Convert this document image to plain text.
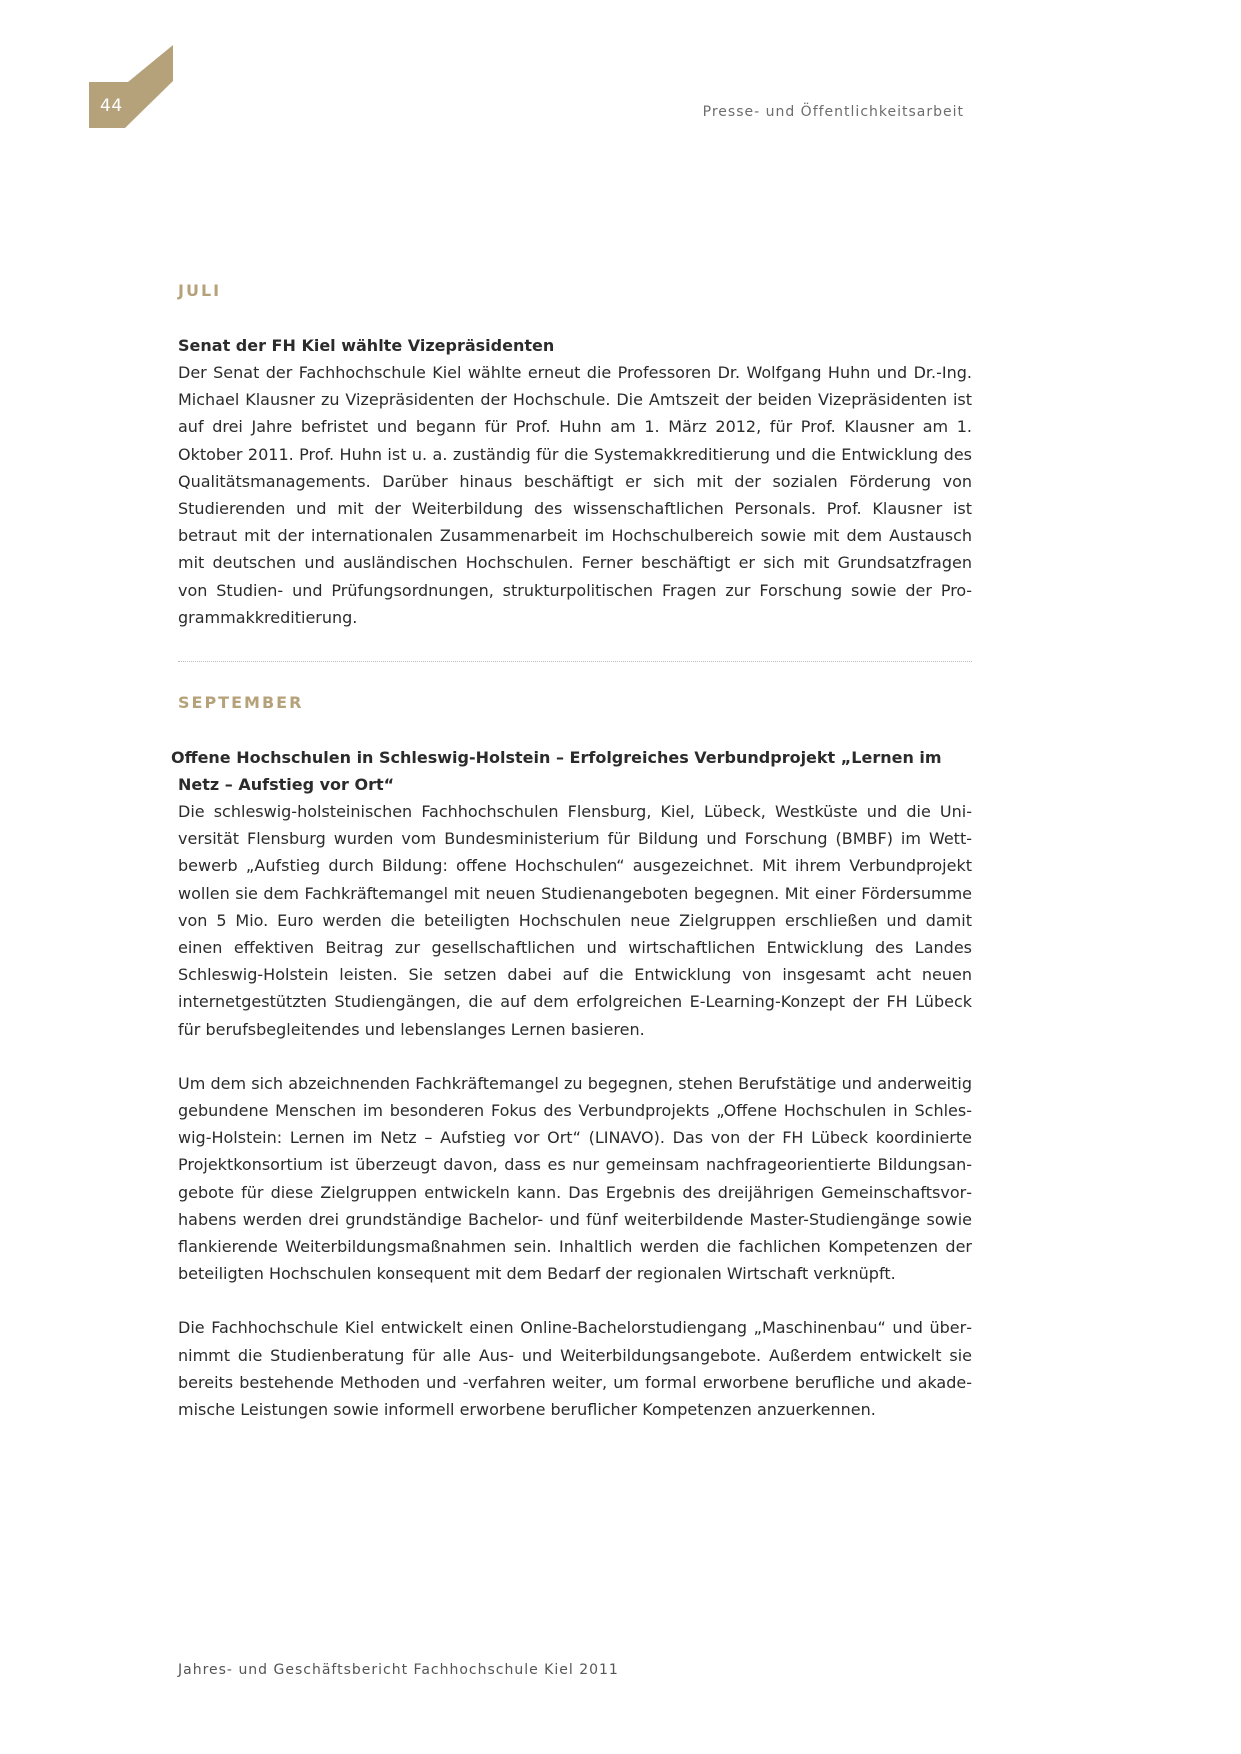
44	Presse- und Öffentlichkeitsarbeit
JULI
Senat der FH Kiel wählte Vizepräsidenten

Der Senat der Fachhochschule Kiel wählte erneut die Professoren Dr. Wolfgang Huhn und Dr.-Ing. Michael Klausner zu Vizepräsidenten der Hochschule. Die Amtszeit der beiden Vizepräsidenten ist auf drei Jahre befristet und begann für Prof. Huhn am 1. März 2012, für Prof. Klausner am 1. Oktober 2011. Prof. Huhn ist u. a. zuständig für die Systemakkreditierung und die Entwicklung des Qualitätsmanagements. Darüber hinaus beschäftigt er sich mit der sozialen Förderung von Studierenden und mit der Weiterbildung des wissenschaftlichen Personals. Prof. Klausner ist betraut mit der internationalen Zusammenarbeit im Hochschulbereich sowie mit dem Austausch mit deutschen und ausländischen Hochschulen. Ferner beschäftigt er sich mit Grundsatzfragen von Studien- und Prüfungsordnungen, strukturpolitischen Fragen zur Forschung sowie der Programmakkreditierung.

SEPTEMBER
Offene Hochschulen in Schleswig-Holstein – Erfolgreiches Verbundprojekt „Lernen im Netz – Aufstieg vor Ort“

Die schleswig-holsteinischen Fachhochschulen Flensburg, Kiel, Lübeck, Westküste und die Universität Flensburg wurden vom Bundesministerium für Bildung und Forschung (BMBF) im Wettbewerb „Aufstieg durch Bildung: offene Hochschulen“ ausgezeichnet. Mit ihrem Verbundprojekt wollen sie dem Fachkräftemangel mit neuen Studienangeboten begegnen. Mit einer Fördersumme von 5 Mio. Euro werden die beteiligten Hochschulen neue Zielgruppen erschließen und damit einen effektiven Beitrag zur gesellschaftlichen und wirtschaftlichen Entwicklung des Landes Schleswig-Holstein leisten. Sie setzen dabei auf die Entwicklung von insgesamt acht neuen internetgestützten Studiengängen, die auf dem erfolgreichen E-Learning-Konzept der FH Lübeck für berufsbegleitendes und lebenslanges Lernen basieren.

Um dem sich abzeichnenden Fachkräftemangel zu begegnen, stehen Berufstätige und anderweitig gebundene Menschen im besonderen Fokus des Verbundprojekts „Offene Hochschulen in Schleswig-Holstein: Lernen im Netz – Aufstieg vor Ort“ (LINAVO). Das von der FH Lübeck koordinierte Projektkonsortium ist überzeugt davon, dass es nur gemeinsam nachfrageorientierte Bildungsangebote für diese Zielgruppen entwickeln kann. Das Ergebnis des dreijährigen Gemeinschaftsvorhabens werden drei grundständige Bachelor- und fünf weiterbildende Master-Studiengänge sowie flankierende Weiterbildungsmaßnahmen sein. Inhaltlich werden die fachlichen Kompetenzen der beteiligten Hochschulen konsequent mit dem Bedarf der regionalen Wirtschaft verknüpft.

Die Fachhochschule Kiel entwickelt einen Online-Bachelorstudiengang „Maschinenbau“ und übernimmt die Studienberatung für alle Aus- und Weiterbildungsangebote. Außerdem entwickelt sie bereits bestehende Methoden und -verfahren weiter, um formal erworbene berufliche und akademische Leistungen sowie informell erworbene beruflicher Kompetenzen anzuerkennen.

Jahres- und Geschäftsbericht Fachhochschule Kiel 2011
